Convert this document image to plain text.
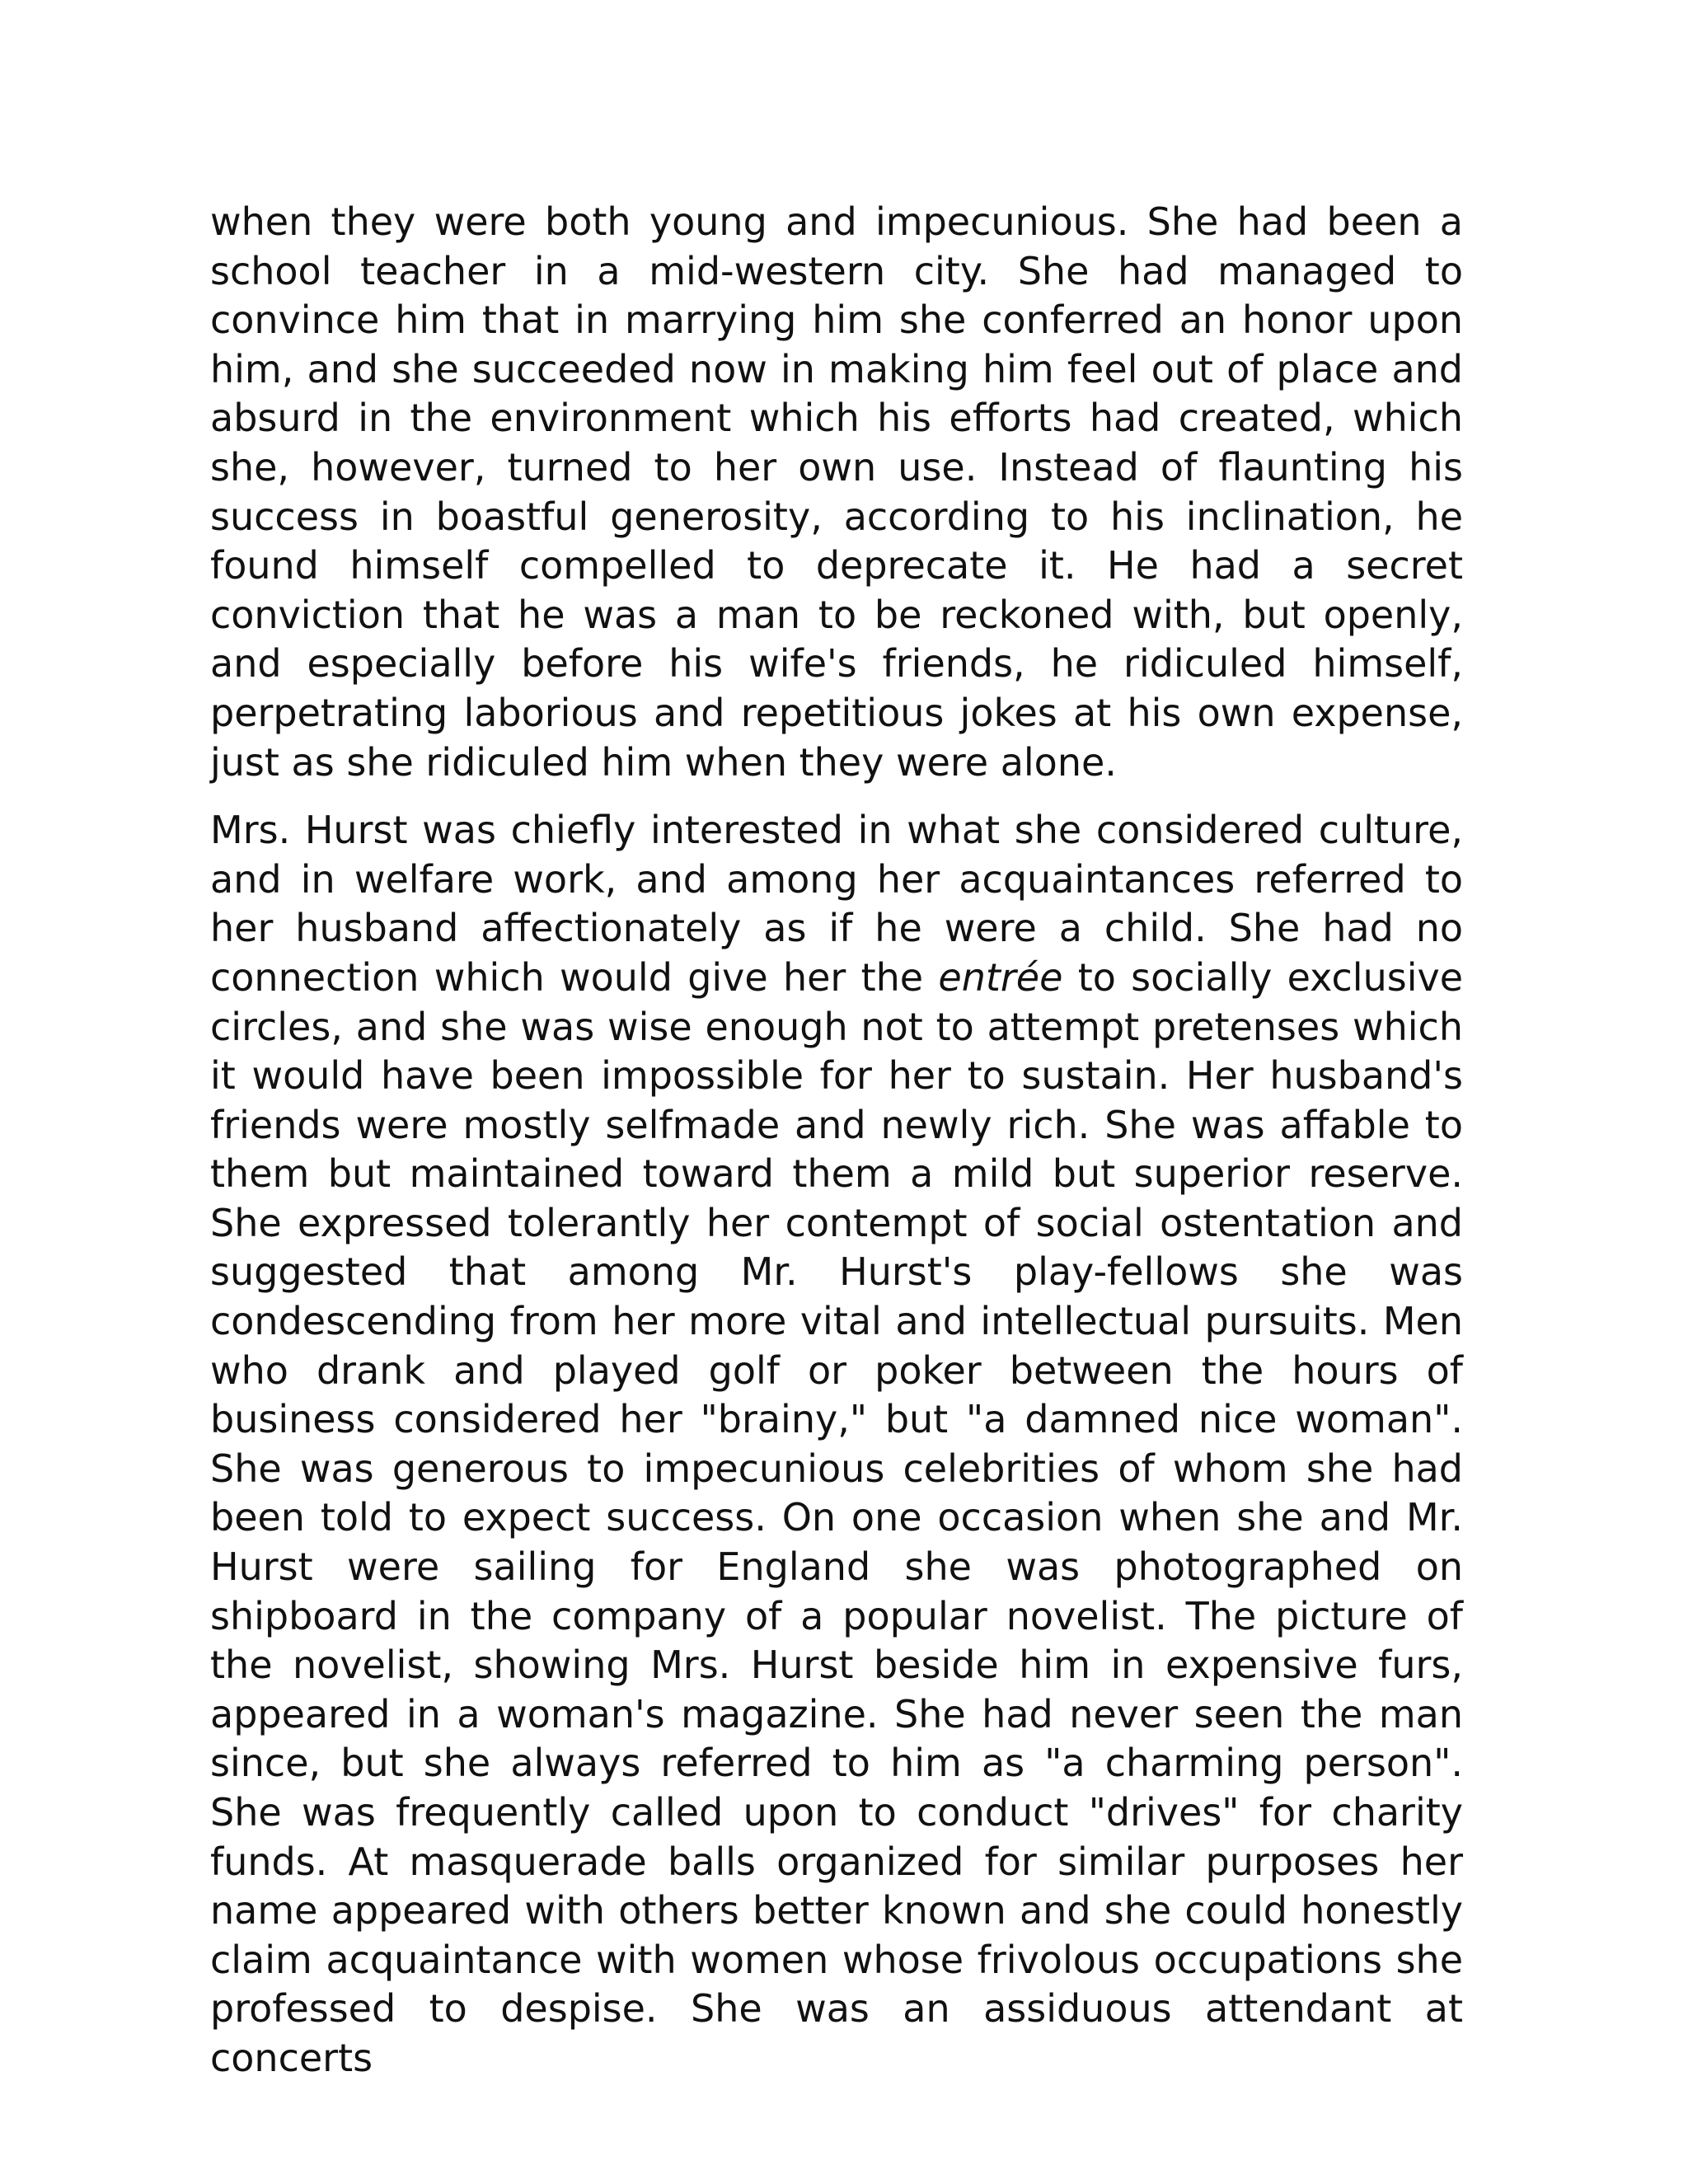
when they were both young and impecunious. She had been a school teacher in a mid-western city. She had managed to convince him that in marrying him she conferred an honor upon him, and she succeeded now in making him feel out of place and absurd in the environment which his efforts had created, which she, however, turned to her own use. Instead of flaunting his success in boastful generosity, according to his inclination, he found himself compelled to deprecate it. He had a secret conviction that he was a man to be reckoned with, but openly, and especially before his wife's friends, he ridiculed himself, perpetrating laborious and repetitious jokes at his own expense, just as she ridiculed him when they were alone.

Mrs. Hurst was chiefly interested in what she considered culture, and in welfare work, and among her acquaintances referred to her husband affectionately as if he were a child. She had no connection which would give her the entrée to socially exclusive circles, and she was wise enough not to attempt pretenses which it would have been impossible for her to sustain. Her husband's friends were mostly selfmade and newly rich. She was affable to them but maintained toward them a mild but superior reserve. She expressed tolerantly her contempt of social ostentation and suggested that among Mr. Hurst's play-fellows she was condescending from her more vital and intellectual pursuits. Men who drank and played golf or poker between the hours of business considered her "brainy," but "a damned nice woman". She was generous to impecunious celebrities of whom she had been told to expect success. On one occasion when she and Mr. Hurst were sailing for England she was photographed on shipboard in the company of a popular novelist. The picture of the novelist, showing Mrs. Hurst beside him in expensive furs, appeared in a woman's magazine. She had never seen the man since, but she always referred to him as "a charming person". She was frequently called upon to conduct "drives" for charity funds. At masquerade balls organized for similar purposes her name appeared with others better known and she could honestly claim acquaintance with women whose frivolous occupations she professed to despise. She was an assiduous attendant at concerts
